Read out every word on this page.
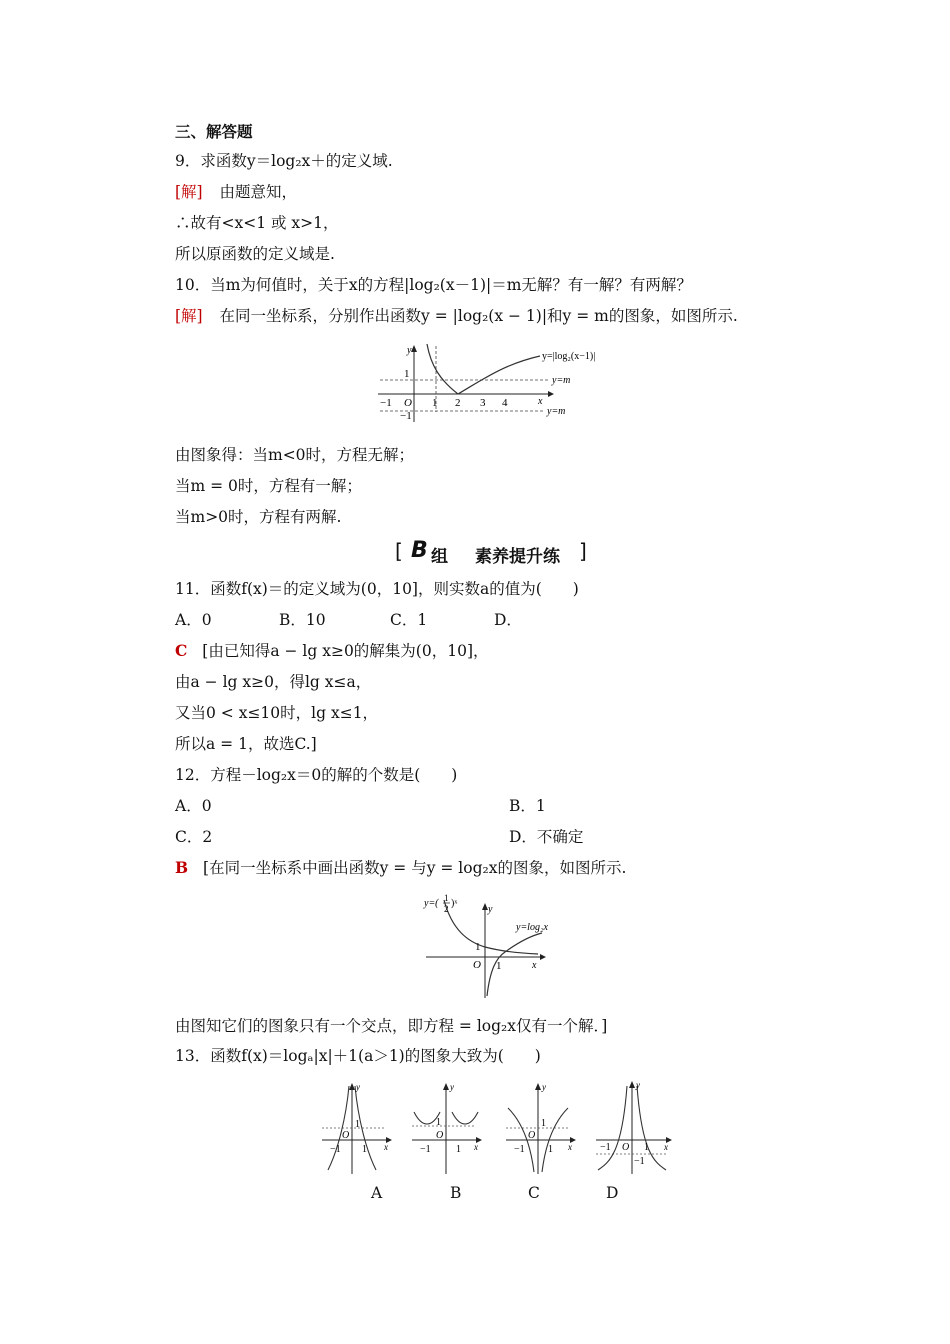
三、解答题
9．求函数y＝log₂x＋的定义域.
[解] 由题意知，
∴故有<x<1 或 x>1，
所以原函数的定义域是.
10．当m为何值时，关于x的方程|log₂(x－1)|＝m无解？有一解？有两解？
[解] 在同一坐标系，分别作出函数y = |log₂(x − 1)|和y = m的图象，如图所示.
y=|log₂(x−1)|
y=m
y=m
y
x
O
1
−1
−1	1 2 3 4
由图象得：当m<0时，方程无解；
当m = 0时，方程有一解；
当m>0时，方程有两解.
[ B 组 素养提升练 ]
11．函数f(x)＝的定义域为(0，10]，则实数a的值为(　　)
A．0	B．10	C．1	D．
C [由已知得a − lg x≥0的解集为(0，10]，
由a − lg x≥0，得lg x≤a，
又当0 < x≤10时，lg x≤1，
所以a = 1，故选C.]
12．方程－log₂x＝0的解的个数是(　　)
A．0	B．1
C．2	D．不确定
B [在同一坐标系中画出函数y = 与y = log₂x的图象，如图所示.
y=( 1
2 )ˣ
y=log₂x
y
x
O
1
1
由图知它们的图象只有一个交点，即方程 = log₂x仅有一个解．]
13．函数f(x)＝logₐ|x|＋1(a＞1)的图象大致为(　　)
y
x
O
1
−1 1
y
x
O
1
−1	1
y
x
O
1
−1 1
y
x
O
−1	1
−1
A	B	C	D
